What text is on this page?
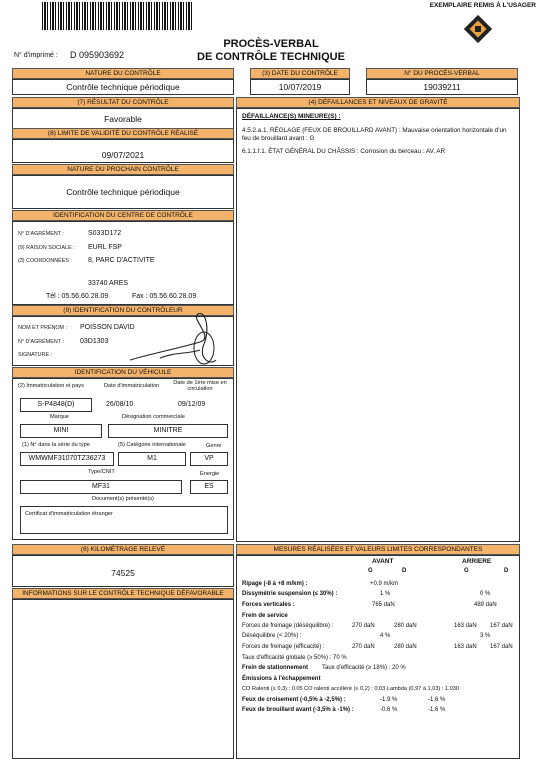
EXEMPLAIRE REMIS À L'USAGER
PROCÈS-VERBAL
DE CONTRÔLE TECHNIQUE
N° d'imprimé : D 095903692
NATURE DU CONTRÔLE
Contrôle technique périodique
(3) DATE DU CONTRÔLE
10/07/2019
N° DU PROCÈS-VERBAL
19039211
(7) RÉSULTAT DU CONTRÔLE
Favorable
(8) LIMITE DE VALIDITÉ DU CONTRÔLE RÉALISÉ
09/07/2021
NATURE DU PROCHAIN CONTRÔLE
Contrôle technique périodique
IDENTIFICATION DU CENTRE DE CONTRÔLE
N° D'AGRÉMENT :	S033D172
(9) RAISON SOCIALE : EURL FSP
(3) COORDONNÉES : 8, PARC D'ACTIVITE
33740 ARES
Tél : 05.56.60.28.09	Fax : 05.56.60.28.09
(9) IDENTIFICATION DU CONTRÔLEUR
NOM ET PRÉNOM : POISSON DAVID
N° D'AGRÉMENT : 03D1303
SIGNATURE :
IDENTIFICATION DU VÉHICULE
(2) Immatriculation et pays	Date d'immatriculation	Date de 1ère mise en circulation
S-P4848(D)	26/08/10	09/12/09
Marque	Désignation commerciale
MINI	MINITRE
(1) N° dans la série du type	(5) Catégorie internationale	Genre
WMWMF31070TZ36273	M1	VP
Type/CNIT	Énergie
MF31	ES
Document(s) présenté(s)
Certificat d'immatriculation étranger
(6) KILOMÉTRAGE RELEVÉ
74525
INFORMATIONS SUR LE CONTRÔLE TECHNIQUE DÉFAVORABLE
(4) DÉFAILLANCES ET NIVEAUX DE GRAVITÉ
DÉFAILLANCE(S) MINEURE(S) :
4.5.2.a.1. RÉGLAGE (FEUX DE BROUILLARD AVANT) : Mauvaise orientation horizontale d'un feu de brouillard avant : G
6.1.1.f.1. ÉTAT GÉNÉRAL DU CHÂSSIS : Corrosion du berceau : AV, AR
MESURES RÉALISÉES ET VALEURS LIMITES CORRESPONDANTES
AVANT	ARRIERE
G	D	G	D
Ripage (-8 à +8 m/km) :	+0.9 m/km
Dissymétrie suspension (≤ 30%) :	1 %	0 %
Forces verticales :	765 daN	489 daN
Frein de service
Forces de freinage (déséquilibre) :	270 daN	280 daN	163 daN 167 daN
Déséquilibre (< 20%) :	4 %	3 %
Forces de freinage (efficacité) :	270 daN	280 daN	163 daN 167 daN
Taux d'efficacité globale (≥ 50%) : 70 %
Frein de stationnement Taux d'efficacité (≥ 18%) : 20 %
Émissions à l'échappement
CO Ralenti (≤ 0,3) : 0.05 CO ralenti accéléré (≤ 0,2) : 0.03 Lambda (0,97 à 1,03) : 1.030
Feux de croisement (-0,5% à -2,5%) :	-1.9 %	-1.6 %
Feux de brouillard avant (-3,5% à -1%) :	-0.6 %	-1.6 %
